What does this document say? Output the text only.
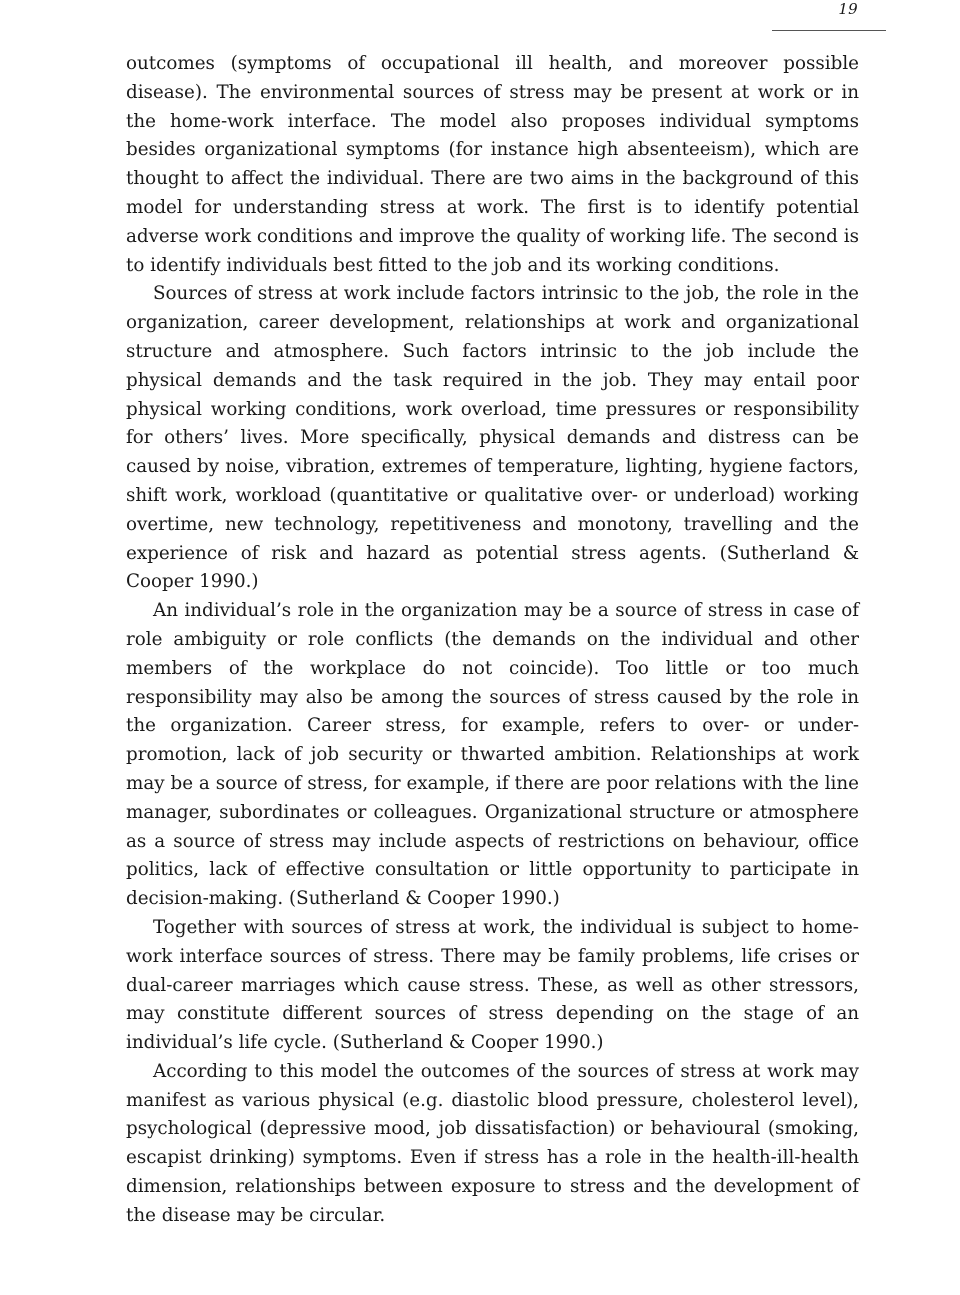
19

outcomes (symptoms of occupational ill health, and moreover possible disease). The environmental sources of stress may be present at work or in the home-work interface. The model also proposes individual symptoms besides organizational symptoms (for instance high absenteeism), which are thought to affect the individual. There are two aims in the background of this model for understanding stress at work. The first is to identify potential adverse work conditions and improve the quality of working life. The second is to identify individuals best fitted to the job and its working conditions.

Sources of stress at work include factors intrinsic to the job, the role in the organization, career development, relationships at work and organizational structure and atmosphere. Such factors intrinsic to the job include the physical demands and the task required in the job. They may entail poor physical working conditions, work overload, time pressures or responsibility for others’ lives. More specifically, physical demands and distress can be caused by noise, vibration, extremes of temperature, lighting, hygiene factors, shift work, workload (quantitative or qualitative over- or underload) working overtime, new technology, repetitiveness and monotony, travelling and the experience of risk and hazard as potential stress agents. (Sutherland & Cooper 1990.)

An individual’s role in the organization may be a source of stress in case of role ambiguity or role conflicts (the demands on the individual and other members of the workplace do not coincide). Too little or too much responsibility may also be among the sources of stress caused by the role in the organization. Career stress, for example, refers to over- or under-promotion, lack of job security or thwarted ambition. Relationships at work may be a source of stress, for example, if there are poor relations with the line manager, subordinates or colleagues. Organizational structure or atmosphere as a source of stress may include aspects of restrictions on behaviour, office politics, lack of effective consultation or little opportunity to participate in decision-making. (Sutherland & Cooper 1990.)

Together with sources of stress at work, the individual is subject to home-work interface sources of stress. There may be family problems, life crises or dual-career marriages which cause stress. These, as well as other stressors, may constitute different sources of stress depending on the stage of an individual’s life cycle. (Sutherland & Cooper 1990.)

According to this model the outcomes of the sources of stress at work may manifest as various physical (e.g. diastolic blood pressure, cholesterol level), psychological (depressive mood, job dissatisfaction) or behavioural (smoking, escapist drinking) symptoms. Even if stress has a role in the health-ill-health dimension, relationships between exposure to stress and the development of the disease may be circular.
